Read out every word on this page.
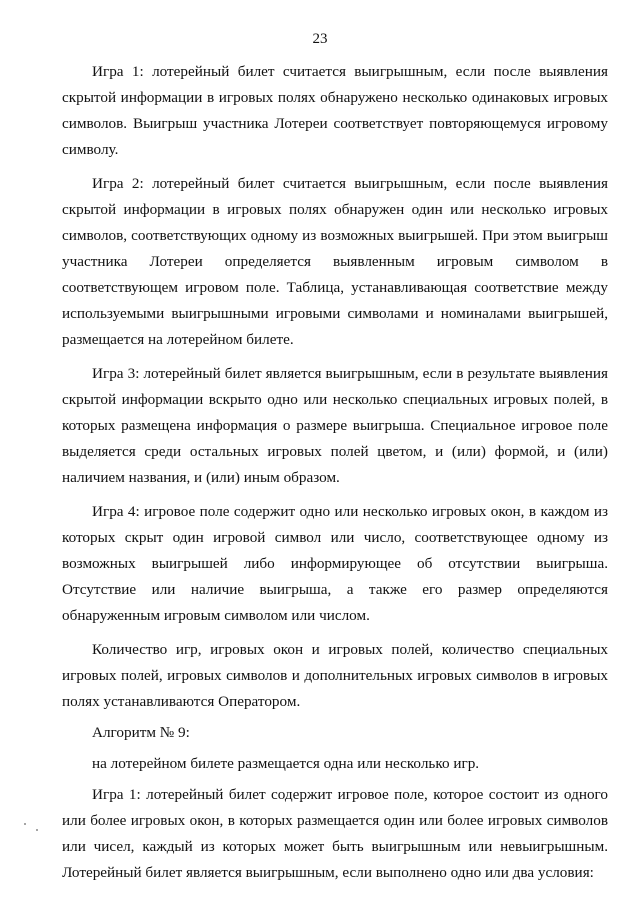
23

Игра 1: лотерейный билет считается выигрышным, если после выявления скрытой информации в игровых полях обнаружено несколько одинаковых игровых символов. Выигрыш участника Лотереи соответствует повторяющемуся игровому символу.

Игра 2: лотерейный билет считается выигрышным, если после выявления скрытой информации в игровых полях обнаружен один или несколько игровых символов, соответствующих одному из возможных выигрышей. При этом выигрыш участника Лотереи определяется выявленным игровым символом в соответствующем игровом поле. Таблица, устанавливающая соответствие между используемыми выигрышными игровыми символами и номиналами выигрышей, размещается на лотерейном билете.

Игра 3: лотерейный билет является выигрышным, если в результате выявления скрытой информации вскрыто одно или несколько специальных игровых полей, в которых размещена информация о размере выигрыша. Специальное игровое поле выделяется среди остальных игровых полей цветом, и (или) формой, и (или) наличием названия, и (или) иным образом.

Игра 4: игровое поле содержит одно или несколько игровых окон, в каждом из которых скрыт один игровой символ или число, соответствующее одному из возможных выигрышей либо информирующее об отсутствии выигрыша. Отсутствие или наличие выигрыша, а также его размер определяются обнаруженным игровым символом или числом.

Количество игр, игровых окон и игровых полей, количество специальных игровых полей, игровых символов и дополнительных игровых символов в игровых полях устанавливаются Оператором.

Алгоритм № 9:

на лотерейном билете размещается одна или несколько игр.

Игра 1: лотерейный билет содержит игровое поле, которое состоит из одного или более игровых окон, в которых размещается один или более игровых символов или чисел, каждый из которых может быть выигрышным или невыигрышным. Лотерейный билет является выигрышным, если выполнено одно или два условия:
